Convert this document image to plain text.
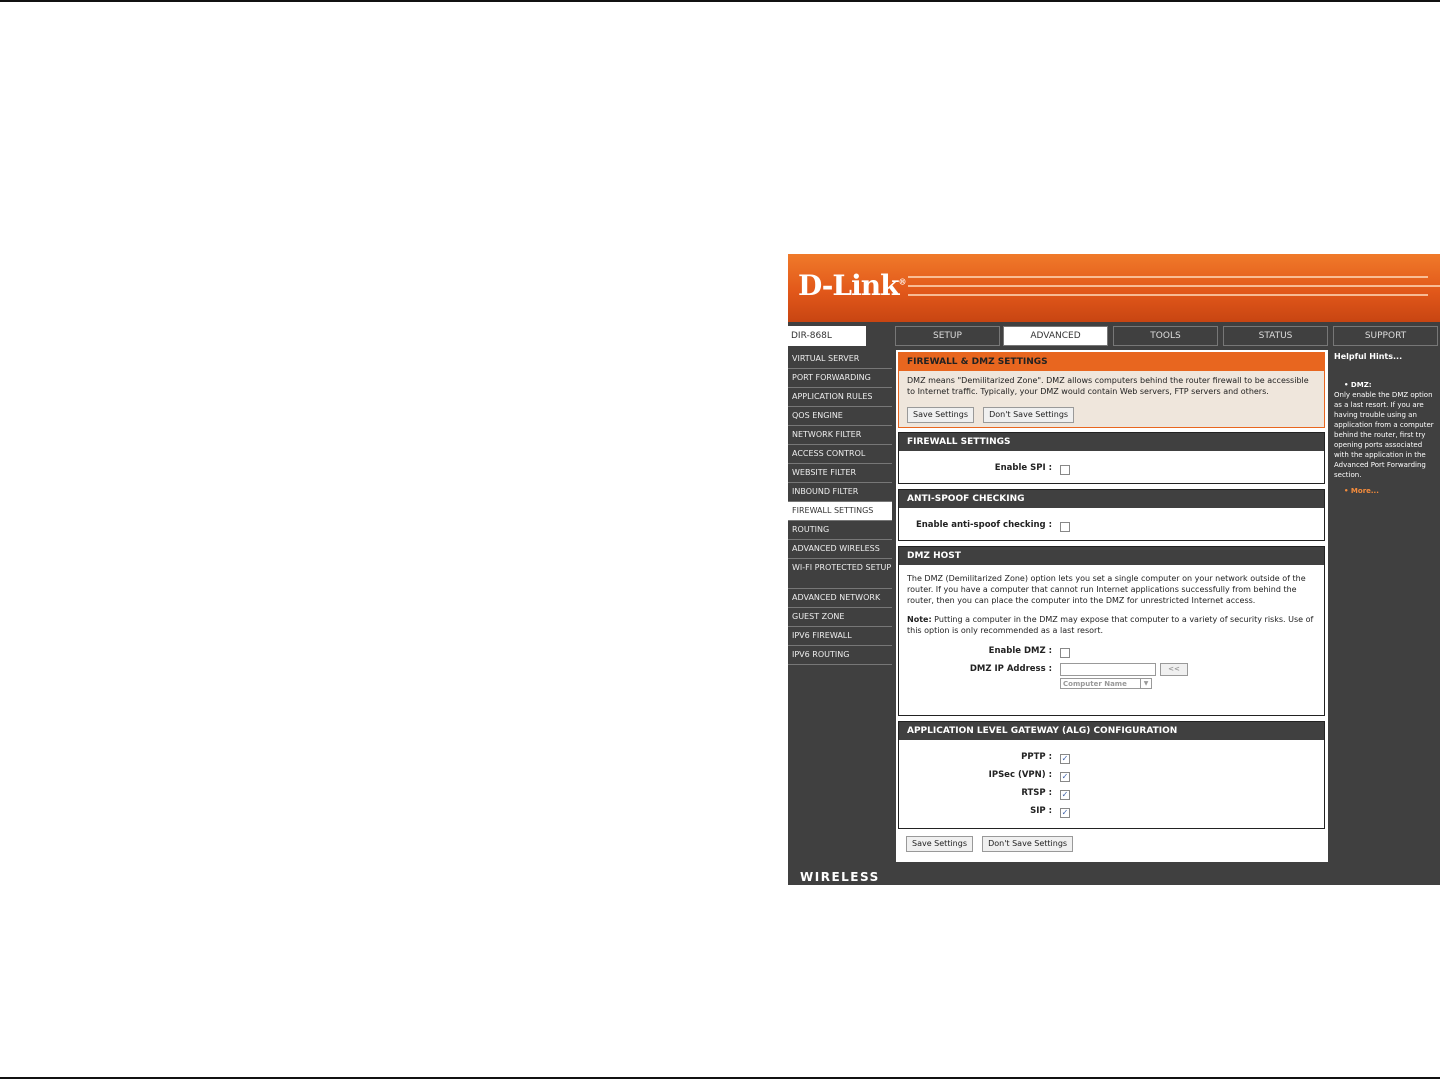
D-Link®
DIR-868L ///	SETUP	ADVANCED	TOOLS	STATUS	SUPPORT
VIRTUAL SERVER
PORT FORWARDING
APPLICATION RULES
QOS ENGINE
NETWORK FILTER
ACCESS CONTROL
WEBSITE FILTER
INBOUND FILTER
FIREWALL SETTINGS
ROUTING
ADVANCED WIRELESS
WI-FI PROTECTED SETUP
ADVANCED NETWORK
GUEST ZONE
IPV6 FIREWALL
IPV6 ROUTING
FIREWALL & DMZ SETTINGS
DMZ means "Demilitarized Zone". DMZ allows computers behind the router firewall to be accessible to Internet traffic. Typically, your DMZ would contain Web servers, FTP servers and others.
Save Settings	Don't Save Settings
FIREWALL SETTINGS
Enable SPI :
ANTI-SPOOF CHECKING
Enable anti-spoof checking :
DMZ HOST
The DMZ (Demilitarized Zone) option lets you set a single computer on your network outside of the router. If you have a computer that cannot run Internet applications successfully from behind the router, then you can place the computer into the DMZ for unrestricted Internet access.
Note: Putting a computer in the DMZ may expose that computer to a variety of security risks. Use of this option is only recommended as a last resort.
Enable DMZ :
DMZ IP Address :	<<
Computer Name	▼
APPLICATION LEVEL GATEWAY (ALG) CONFIGURATION
PPTP : ✓
IPSec (VPN) : ✓
RTSP : ✓
SIP : ✓
Save Settings	Don't Save Settings
Helpful Hints...
• DMZ:
Only enable the DMZ option as a last resort. If you are having trouble using an application from a computer behind the router, first try opening ports associated with the application in the Advanced Port Forwarding section.
• More...
WIRELESS
